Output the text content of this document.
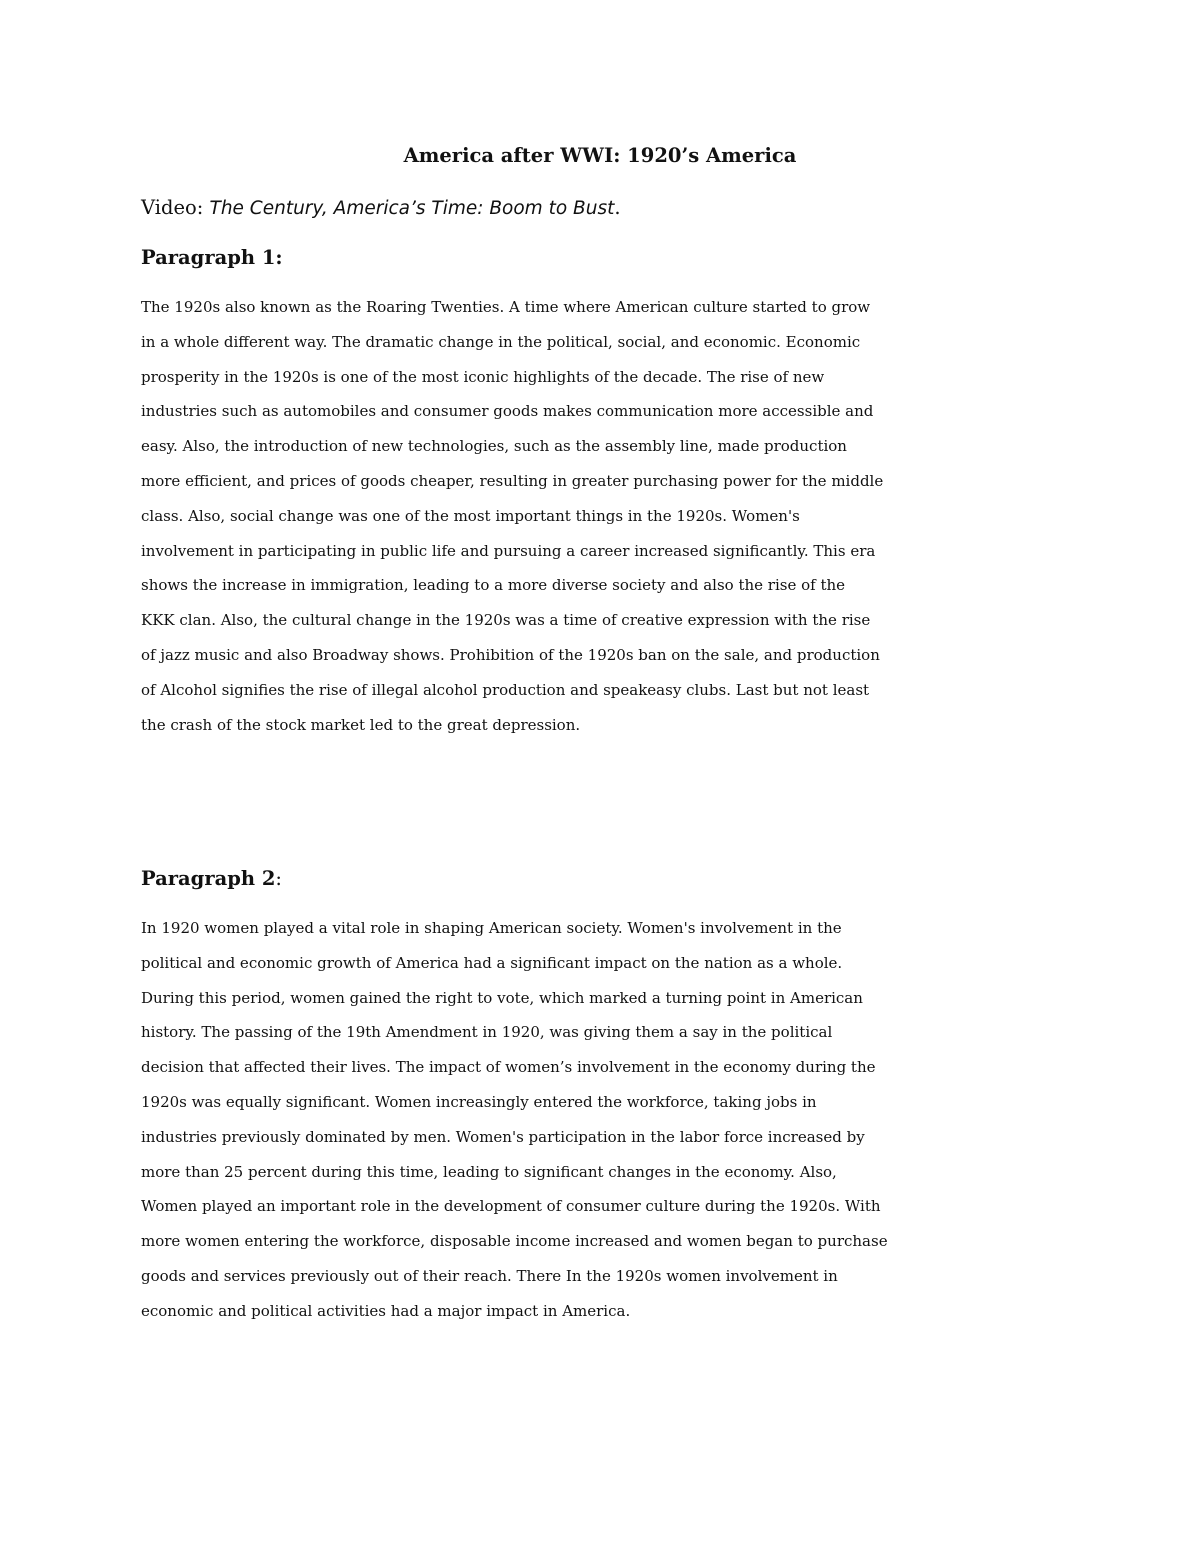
America after WWI: 1920’s America
Video: The Century, America’s Time: Boom to Bust.
Paragraph 1:
The 1920s also known as the Roaring Twenties. A time where American culture started to grow
in a whole different way. The dramatic change in the political, social, and economic. Economic
prosperity in the 1920s is one of the most iconic highlights of the decade. The rise of new
industries such as automobiles and consumer goods makes communication more accessible and
easy. Also, the introduction of new technologies, such as the assembly line, made production
more efficient, and prices of goods cheaper, resulting in greater purchasing power for the middle
class. Also, social change was one of the most important things in the 1920s. Women's
involvement in participating in public life and pursuing a career increased significantly. This era
shows the increase in immigration, leading to a more diverse society and also the rise of the
KKK clan. Also, the cultural change in the 1920s was a time of creative expression with the rise
of jazz music and also Broadway shows. Prohibition of the 1920s ban on the sale, and production
of Alcohol signifies the rise of illegal alcohol production and speakeasy clubs. Last but not least
the crash of the stock market led to the great depression.
Paragraph 2:
In 1920 women played a vital role in shaping American society. Women's involvement in the
political and economic growth of America had a significant impact on the nation as a whole.
During this period, women gained the right to vote, which marked a turning point in American
history. The passing of the 19th Amendment in 1920, was giving them a say in the political
decision that affected their lives. The impact of women’s involvement in the economy during the
1920s was equally significant. Women increasingly entered the workforce, taking jobs in
industries previously dominated by men. Women's participation in the labor force increased by
more than 25 percent during this time, leading to significant changes in the economy. Also,
Women played an important role in the development of consumer culture during the 1920s. With
more women entering the workforce, disposable income increased and women began to purchase
goods and services previously out of their reach. There In the 1920s women involvement in
economic and political activities had a major impact in America.
